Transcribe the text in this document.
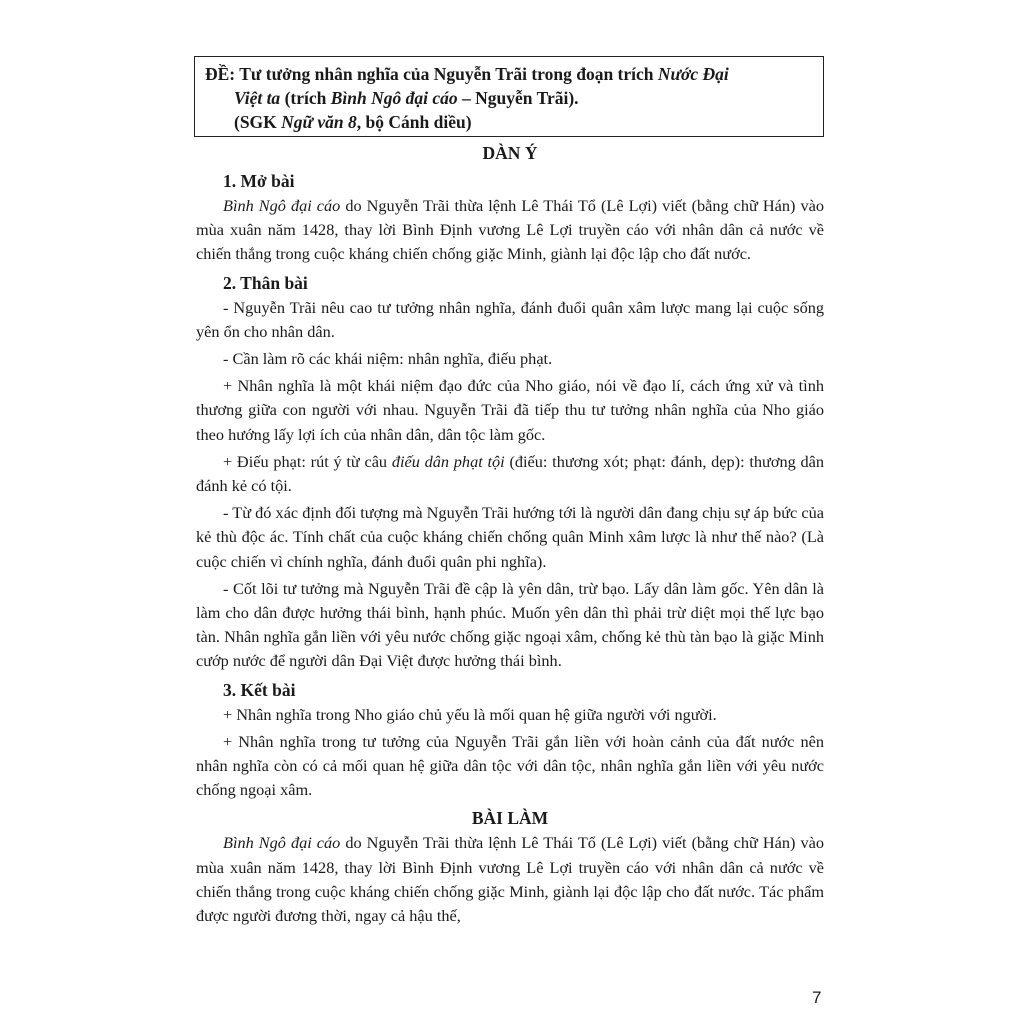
ĐỀ: Tư tưởng nhân nghĩa của Nguyễn Trãi trong đoạn trích Nước Đại
Việt ta (trích Bình Ngô đại cáo – Nguyễn Trãi).
(SGK Ngữ văn 8, bộ Cánh diều)
DÀN Ý
1. Mở bài

Bình Ngô đại cáo do Nguyễn Trãi thừa lệnh Lê Thái Tổ (Lê Lợi) viết (bằng chữ Hán) vào mùa xuân năm 1428, thay lời Bình Định vương Lê Lợi truyền cáo với nhân dân cả nước về chiến thắng trong cuộc kháng chiến chống giặc Minh, giành lại độc lập cho đất nước.

2. Thân bài

- Nguyễn Trãi nêu cao tư tưởng nhân nghĩa, đánh đuổi quân xâm lược mang lại cuộc sống yên ổn cho nhân dân.

- Cần làm rõ các khái niệm: nhân nghĩa, điếu phạt.

+ Nhân nghĩa là một khái niệm đạo đức của Nho giáo, nói về đạo lí, cách ứng xử và tình thương giữa con người với nhau. Nguyễn Trãi đã tiếp thu tư tưởng nhân nghĩa của Nho giáo theo hướng lấy lợi ích của nhân dân, dân tộc làm gốc.

+ Điếu phạt: rút ý từ câu điếu dân phạt tội (điếu: thương xót; phạt: đánh, dẹp): thương dân đánh kẻ có tội.

- Từ đó xác định đối tượng mà Nguyễn Trãi hướng tới là người dân đang chịu sự áp bức của kẻ thù độc ác. Tính chất của cuộc kháng chiến chống quân Minh xâm lược là như thế nào? (Là cuộc chiến vì chính nghĩa, đánh đuổi quân phi nghĩa).

- Cốt lõi tư tưởng mà Nguyễn Trãi đề cập là yên dân, trừ bạo. Lấy dân làm gốc. Yên dân là làm cho dân được hưởng thái bình, hạnh phúc. Muốn yên dân thì phải trừ diệt mọi thế lực bạo tàn. Nhân nghĩa gắn liền với yêu nước chống giặc ngoại xâm, chống kẻ thù tàn bạo là giặc Minh cướp nước để người dân Đại Việt được hưởng thái bình.

3. Kết bài

+ Nhân nghĩa trong Nho giáo chủ yếu là mối quan hệ giữa người với người.

+ Nhân nghĩa trong tư tưởng của Nguyễn Trãi gắn liền với hoàn cảnh của đất nước nên nhân nghĩa còn có cả mối quan hệ giữa dân tộc với dân tộc, nhân nghĩa gắn liền với yêu nước chống ngoại xâm.

BÀI LÀM

Bình Ngô đại cáo do Nguyễn Trãi thừa lệnh Lê Thái Tổ (Lê Lợi) viết (bằng chữ Hán) vào mùa xuân năm 1428, thay lời Bình Định vương Lê Lợi truyền cáo với nhân dân cả nước về chiến thắng trong cuộc kháng chiến chống giặc Minh, giành lại độc lập cho đất nước. Tác phẩm được người đương thời, ngay cả hậu thế,

7
